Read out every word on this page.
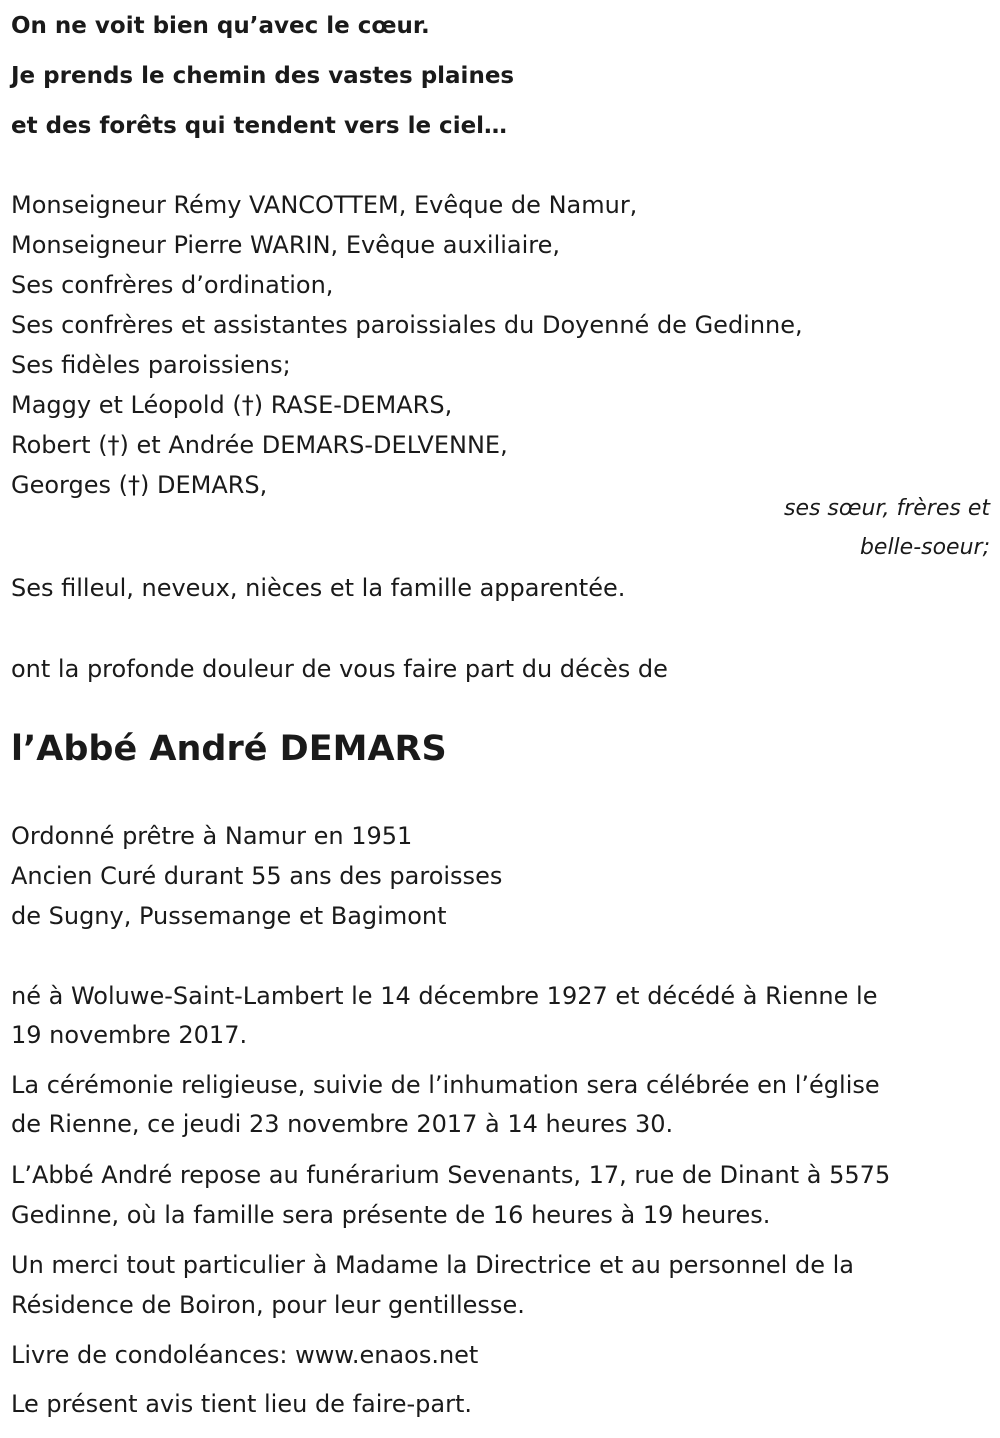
On ne voit bien qu’avec le cœur.
Je prends le chemin des vastes plaines
et des forêts qui tendent vers le ciel…
Monseigneur Rémy VANCOTTEM, Evêque de Namur,
Monseigneur Pierre WARIN, Evêque auxiliaire,
Ses confrères d’ordination,
Ses confrères et assistantes paroissiales du Doyenné de Gedinne,
Ses fidèles paroissiens;
Maggy et Léopold (†) RASE-DEMARS,
Robert (†) et Andrée DEMARS-DELVENNE,
Georges (†) DEMARS,
ses sœur, frères et
belle-soeur;
Ses filleul, neveux, nièces et la famille apparentée.
ont la profonde douleur de vous faire part du décès de
l’Abbé André DEMARS
Ordonné prêtre à Namur en 1951
Ancien Curé durant 55 ans des paroisses
de Sugny, Pussemange et Bagimont
né à Woluwe-Saint-Lambert le 14 décembre 1927 et décédé à Rienne le
19 novembre 2017.
La cérémonie religieuse, suivie de l’inhumation sera célébrée en l’église
de Rienne, ce jeudi 23 novembre 2017 à 14 heures 30.
L’Abbé André repose au funérarium Sevenants, 17, rue de Dinant à 5575
Gedinne, où la famille sera présente de 16 heures à 19 heures.
Un merci tout particulier à Madame la Directrice et au personnel de la
Résidence de Boiron, pour leur gentillesse.
Livre de condoléances: www.enaos.net
Le présent avis tient lieu de faire-part.
